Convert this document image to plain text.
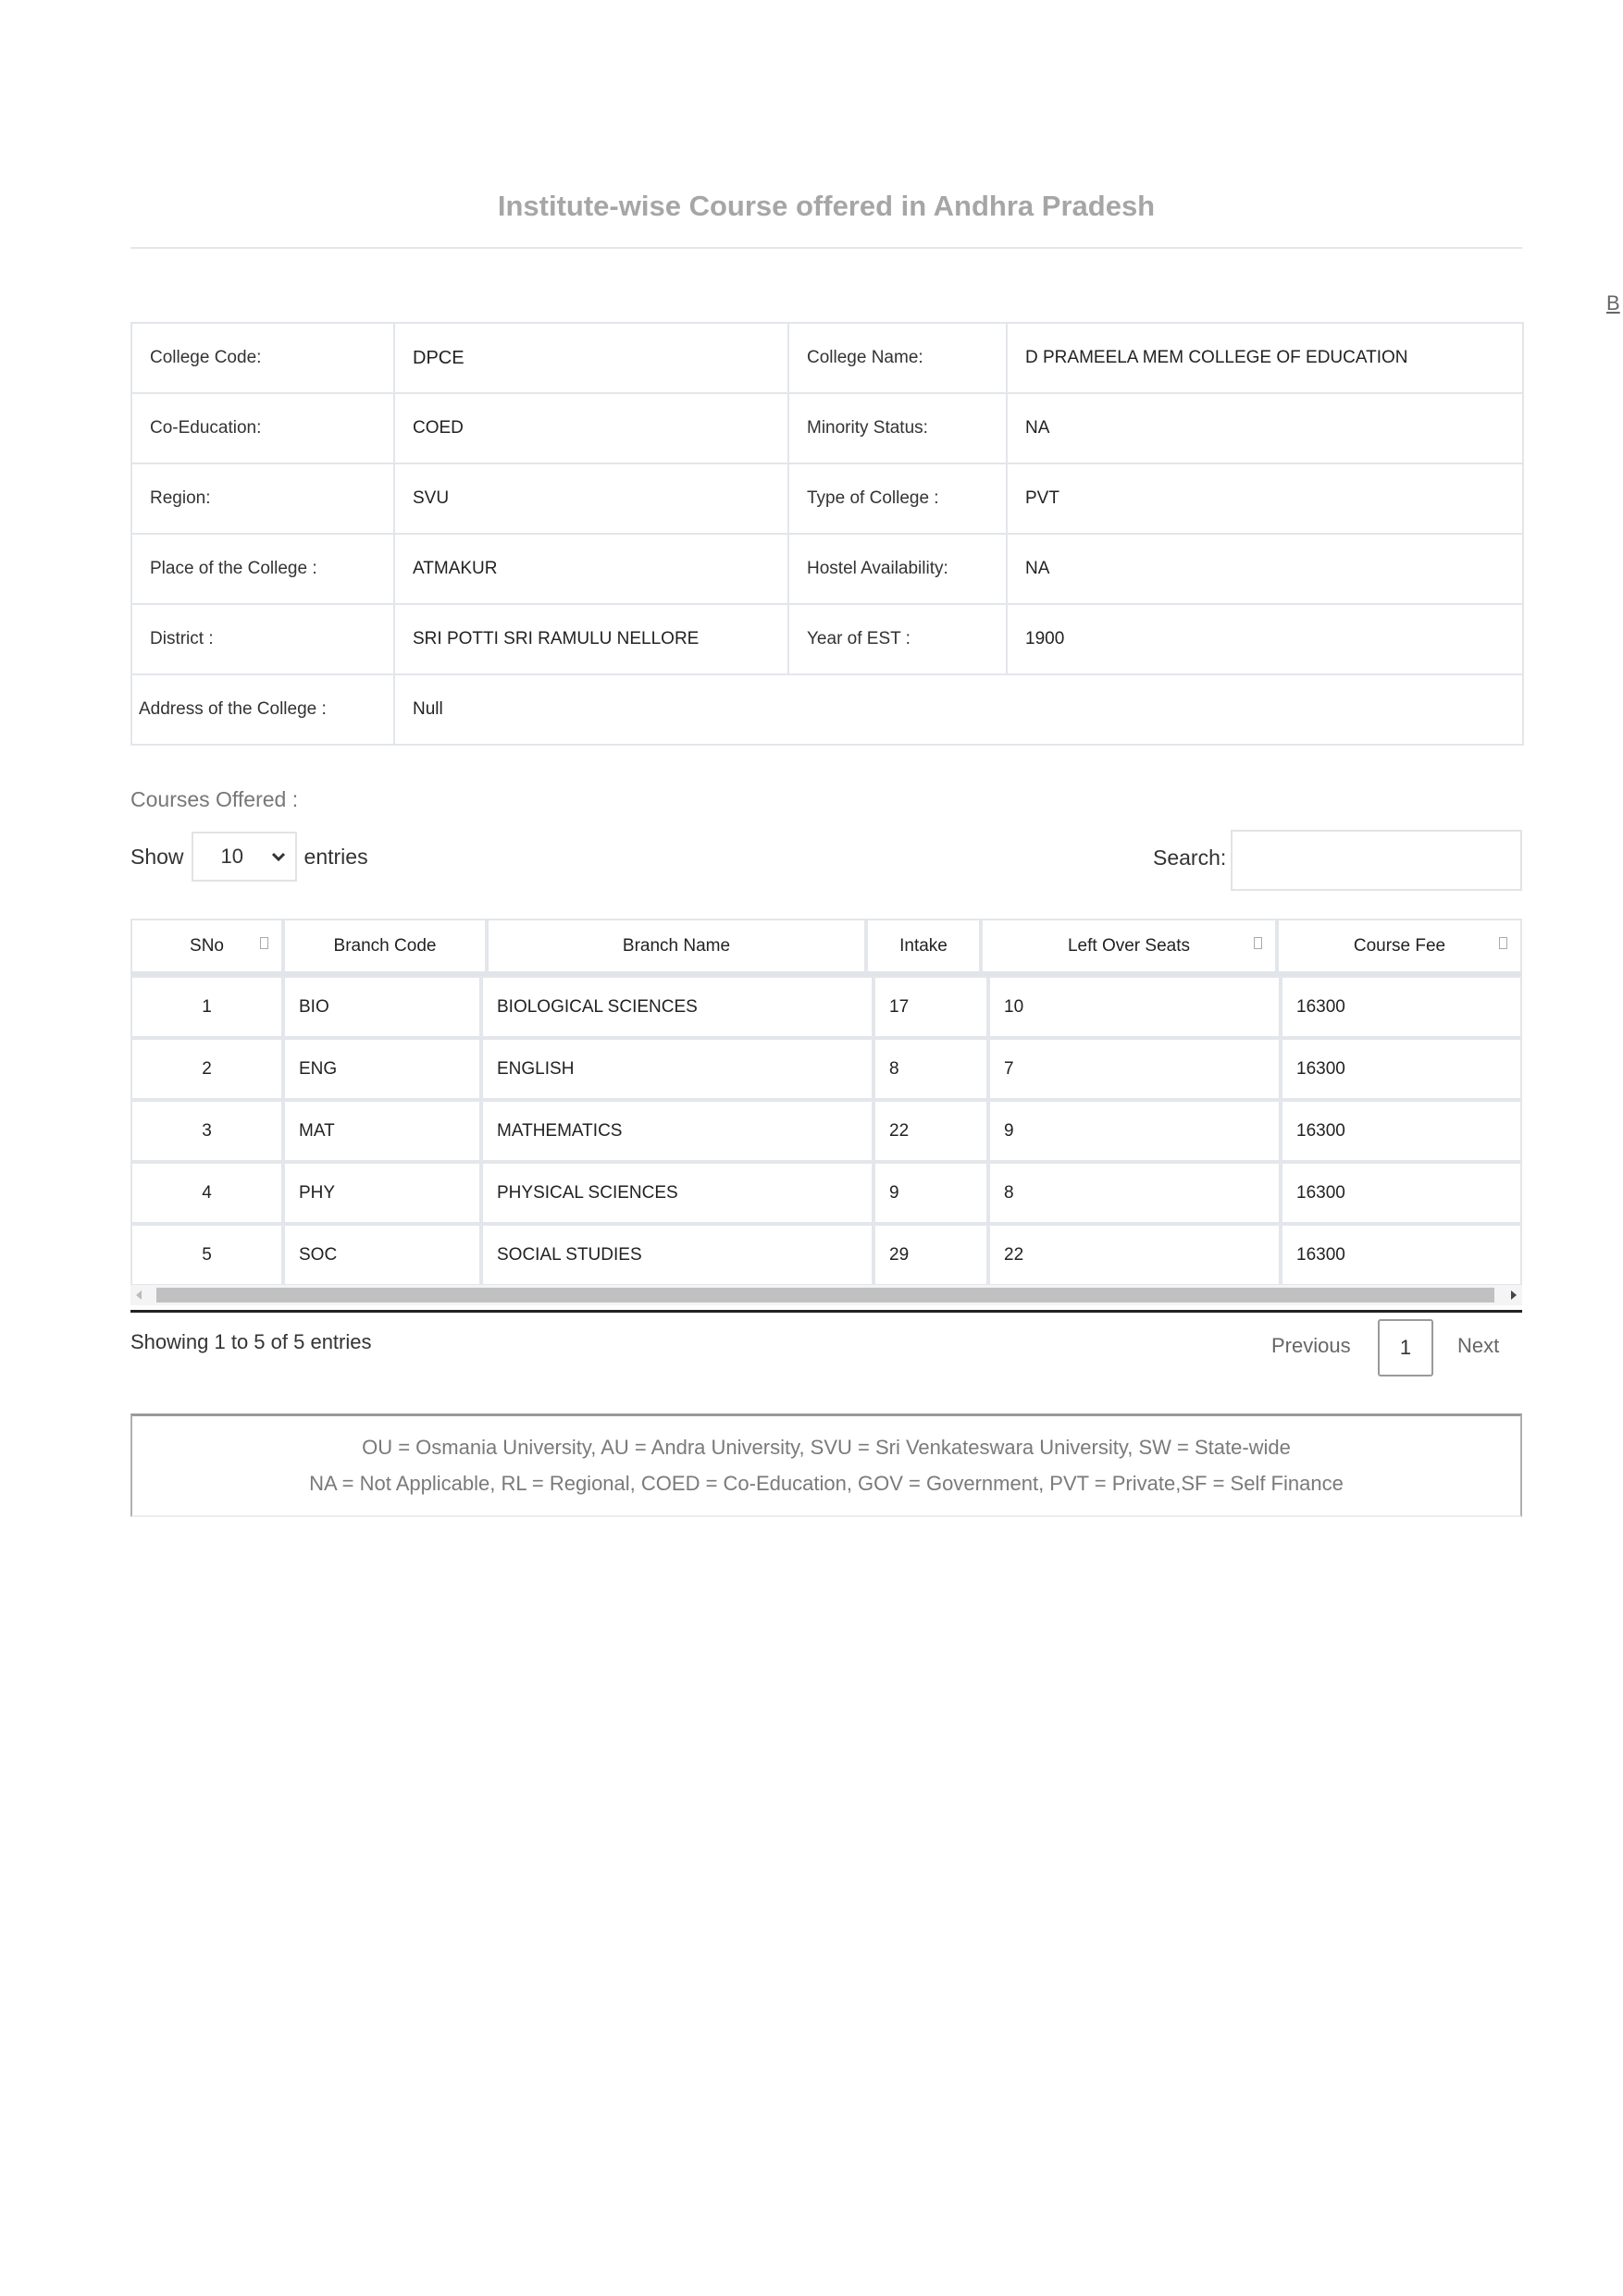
Institute-wise Course offered in Andhra Pradesh
B
College Code:	DPCE	College Name:	D PRAMEELA MEM COLLEGE OF EDUCATION
Co-Education:	COED	Minority Status:	NA
Region:	SVU	Type of College :	PVT
Place of the College :	ATMAKUR	Hostel Availability:	NA
District :	SRI POTTI SRI RAMULU NELLORE	Year of EST :	1900
Address of the College :	Null		
Courses Offered :
Show 10	entries	Search:
SNo	Branch Code	Branch Name	Intake	Left Over Seats	Course Fee
1	BIO	BIOLOGICAL SCIENCES	17	10	16300
2	ENG	ENGLISH	8	7	16300
3	MAT	MATHEMATICS	22	9	16300
4	PHY	PHYSICAL SCIENCES	9	8	16300
5	SOC	SOCIAL STUDIES	29	22	16300
Showing 1 to 5 of 5 entries	Previous	1	Next
OU = Osmania University, AU = Andra University, SVU = Sri Venkateswara University, SW = State-wide
NA = Not Applicable, RL = Regional, COED = Co-Education, GOV = Government, PVT = Private,SF = Self Finance
